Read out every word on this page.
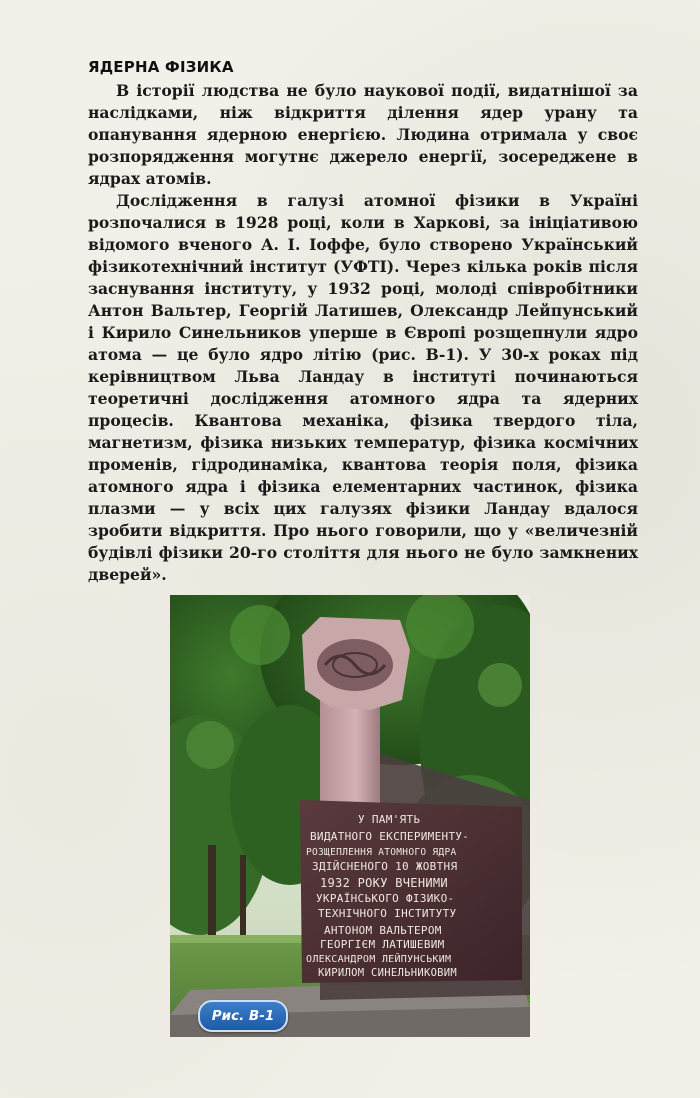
ЯДЕРНА ФІЗИКА

В історії людства не було наукової події, видатнішої за наслідками, ніж відкриття ділення ядер урану та опанування ядерною енергією. Людина отримала у своє розпорядження могутнє джерело енергії, зосереджене в ядрах атомів.

Дослідження в галузі атомної фізики в Україні розпочалися в 1928 році, коли в Харкові, за ініціативою відомого вченого А. І. Іоффе, було створено Український фізикотехнічний інститут (УФТІ). Через кілька років після заснування інституту, у 1932 році, молоді співробітники Антон Вальтер, Георгій Латишев, Олександр Лейпунський і Кирило Синельников уперше в Європі розщепнули ядро атома — це було ядро літію (рис. В-1). У 30-х роках під керівництвом Льва Ландау в інституті починаються теоретичні дослідження атомного ядра та ядерних процесів. Квантова механіка, фізика твердого тіла, магнетизм, фізика низьких температур, фізика космічних променів, гідродинаміка, квантова теорія поля, фізика атомного ядра і фізика елементарних частинок, фізика плазми — у всіх цих галузях фізики Ландау вдалося зробити відкриття. Про нього говорили, що у «величезній будівлі фізики 20-го століття для нього не було замкнених дверей».

У ПАМ'ЯТЬ
ВИДАТНОГО ЕКСПЕРИМЕНТУ-
РОЗЩЕПЛЕННЯ АТОМНОГО ЯДРА
ЗДІЙСНЕНОГО 10 ЖОВТНЯ
1932 РОКУ ВЧЕНИМИ
УКРАЇНСЬКОГО ФІЗИКО-
ТЕХНІЧНОГО ІНСТИТУТУ
АНТОНОМ ВАЛЬТЕРОМ
ГЕОРГІЄМ ЛАТИШЕВИМ
ОЛЕКСАНДРОМ ЛЕЙПУНСЬКИМ
КИРИЛОМ СИНЕЛЬНИКОВИМ
Рис. В-1
